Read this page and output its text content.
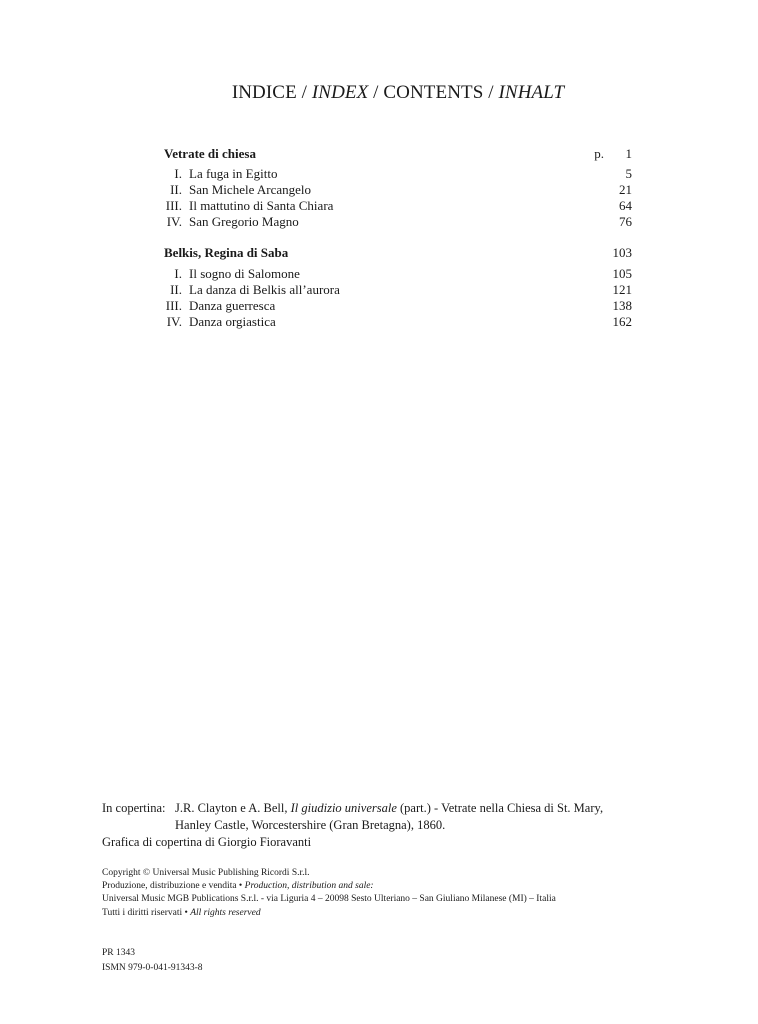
INDICE / INDEX / CONTENTS / INHALT
Vetrate di chiesa	p. 1
I. La fuga in Egitto	5
II. San Michele Arcangelo	21
III. Il mattutino di Santa Chiara	64
IV. San Gregorio Magno	76
Belkis, Regina di Saba	103
I. Il sogno di Salomone	105
II. La danza di Belkis all’aurora	121
III. Danza guerresca	138
IV. Danza orgiastica	162
In copertina: J.R. Clayton e A. Bell, Il giudizio universale (part.) - Vetrate nella Chiesa di St. Mary,
Hanley Castle, Worcestershire (Gran Bretagna), 1860.
Grafica di copertina di Giorgio Fioravanti
Copyright © Universal Music Publishing Ricordi S.r.l.
Produzione, distribuzione e vendita • Production, distribution and sale:
Universal Music MGB Publications S.r.l. - via Liguria 4 – 20098 Sesto Ulteriano – San Giuliano Milanese (MI) – Italia
Tutti i diritti riservati • All rights reserved
PR 1343
ISMN 979-0-041-91343-8
